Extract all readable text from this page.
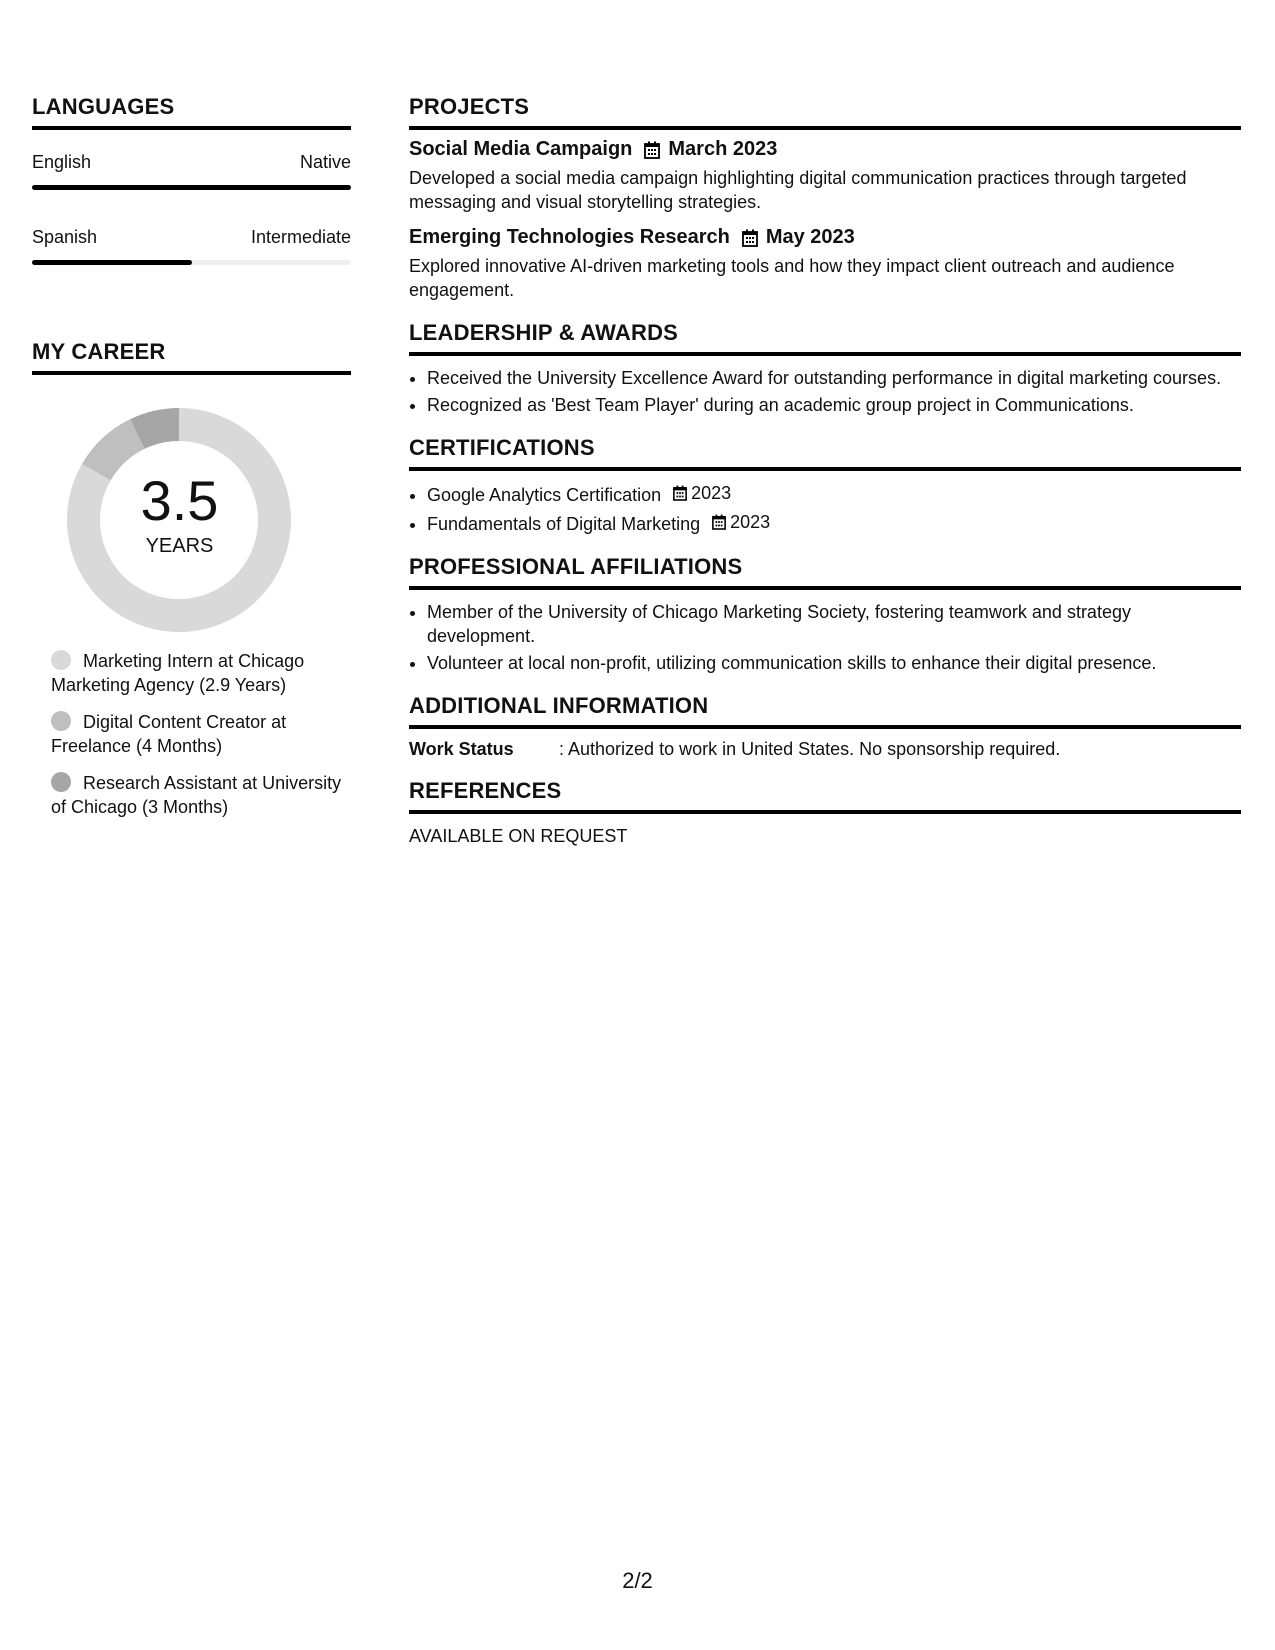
LANGUAGES
English	Native
Spanish	Intermediate
MY CAREER
3.5
YEARS
Marketing Intern at Chicago Marketing Agency (2.9 Years)
Digital Content Creator at Freelance (4 Months)
Research Assistant at University of Chicago (3 Months)
PROJECTS
Social Media Campaign March 2023
Developed a social media campaign highlighting digital communication practices through targeted messaging and visual storytelling strategies.
Emerging Technologies Research May 2023
Explored innovative AI-driven marketing tools and how they impact client outreach and audience engagement.
LEADERSHIP & AWARDS
• Received the University Excellence Award for outstanding performance in digital marketing courses.
• Recognized as 'Best Team Player' during an academic group project in Communications.
CERTIFICATIONS
• Google Analytics Certification 2023
• Fundamentals of Digital Marketing 2023
PROFESSIONAL AFFILIATIONS
• Member of the University of Chicago Marketing Society, fostering teamwork and strategy development.
• Volunteer at local non-profit, utilizing communication skills to enhance their digital presence.
ADDITIONAL INFORMATION
Work Status	: Authorized to work in United States. No sponsorship required.
REFERENCES
AVAILABLE ON REQUEST
2/2
